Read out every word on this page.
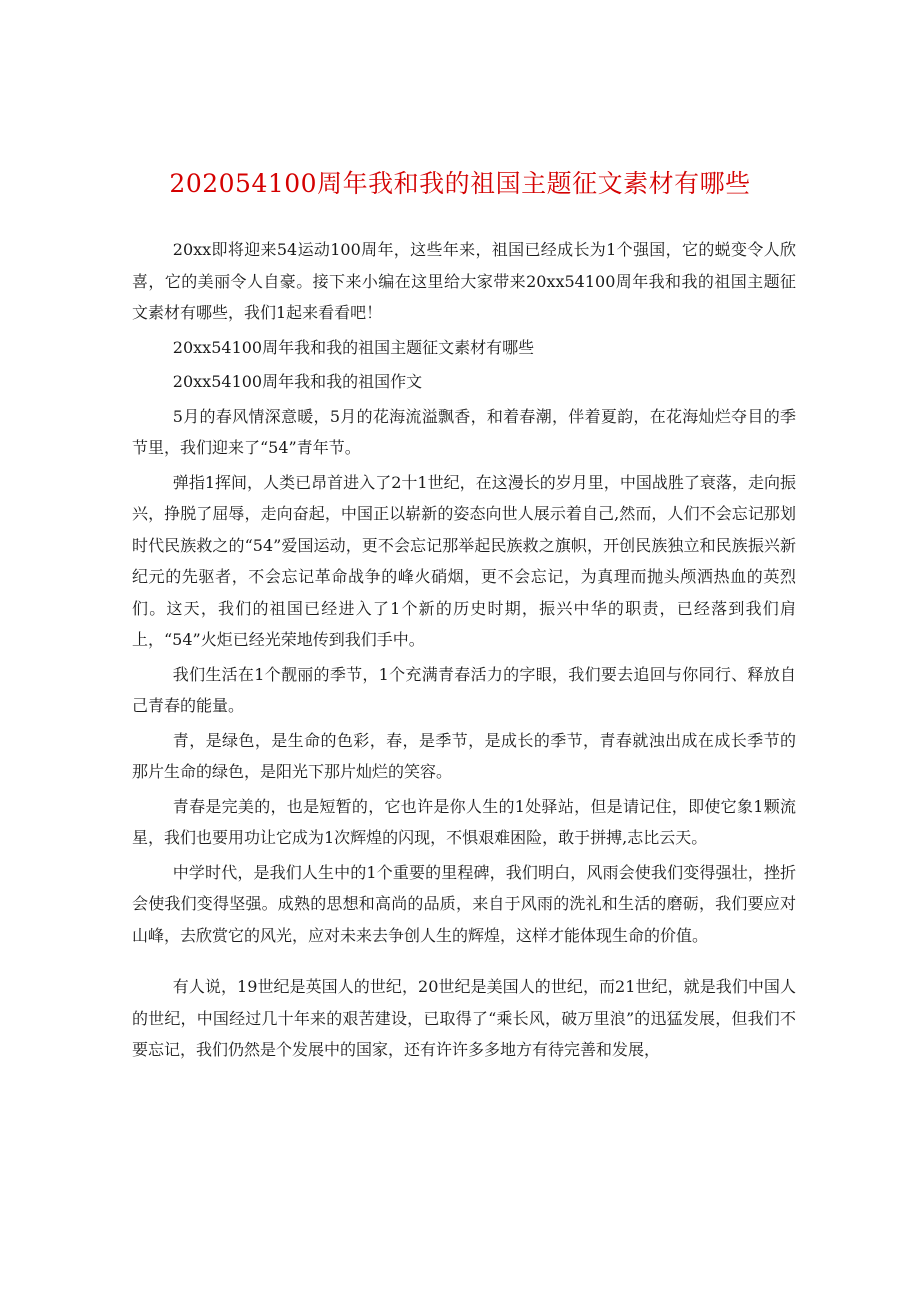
202054100周年我和我的祖国主题征文素材有哪些

20xx即将迎来54运动100周年，这些年来，祖国已经成长为1个强国，它的蜕变令人欣喜，它的美丽令人自豪。接下来小编在这里给大家带来20xx54100周年我和我的祖国主题征文素材有哪些，我们1起来看看吧！

20xx54100周年我和我的祖国主题征文素材有哪些

20xx54100周年我和我的祖国作文

5月的春风情深意暖，5月的花海流溢飘香，和着春潮，伴着夏韵，在花海灿烂夺目的季节里，我们迎来了“54”青年节。

弹指1挥间，人类已昂首进入了2十1世纪，在这漫长的岁月里，中国战胜了衰落，走向振兴，挣脱了屈辱，走向奋起，中国正以崭新的姿态向世人展示着自己,然而，人们不会忘记那划时代民族救之的“54”爱国运动，更不会忘记那举起民族救之旗帜，开创民族独立和民族振兴新纪元的先驱者，不会忘记革命战争的峰火硝烟，更不会忘记，为真理而抛头颅洒热血的英烈们。这天，我们的祖国已经进入了1个新的历史时期，振兴中华的职责，已经落到我们肩上，“54”火炬已经光荣地传到我们手中。

我们生活在1个靓丽的季节，1个充满青春活力的字眼，我们要去追回与你同行、释放自己青春的能量。

青，是绿色，是生命的色彩，春，是季节，是成长的季节，青春就浊出成在成长季节的那片生命的绿色，是阳光下那片灿烂的笑容。

青春是完美的，也是短暂的，它也许是你人生的1处驿站，但是请记住，即使它象1颗流星，我们也要用功让它成为1次辉煌的闪现，不惧艰难困险，敢于拼搏,志比云天。

中学时代，是我们人生中的1个重要的里程碑，我们明白，风雨会使我们变得强壮，挫折会使我们变得坚强。成熟的思想和高尚的品质，来自于风雨的洗礼和生活的磨砺，我们要应对山峰，去欣赏它的风光，应对未来去争创人生的辉煌，这样才能体现生命的价值。

有人说，19世纪是英国人的世纪，20世纪是美国人的世纪，而21世纪，就是我们中国人的世纪，中国经过几十年来的艰苦建设，已取得了“乘长风，破万里浪”的迅猛发展，但我们不要忘记，我们仍然是个发展中的国家，还有许许多多地方有待完善和发展，
